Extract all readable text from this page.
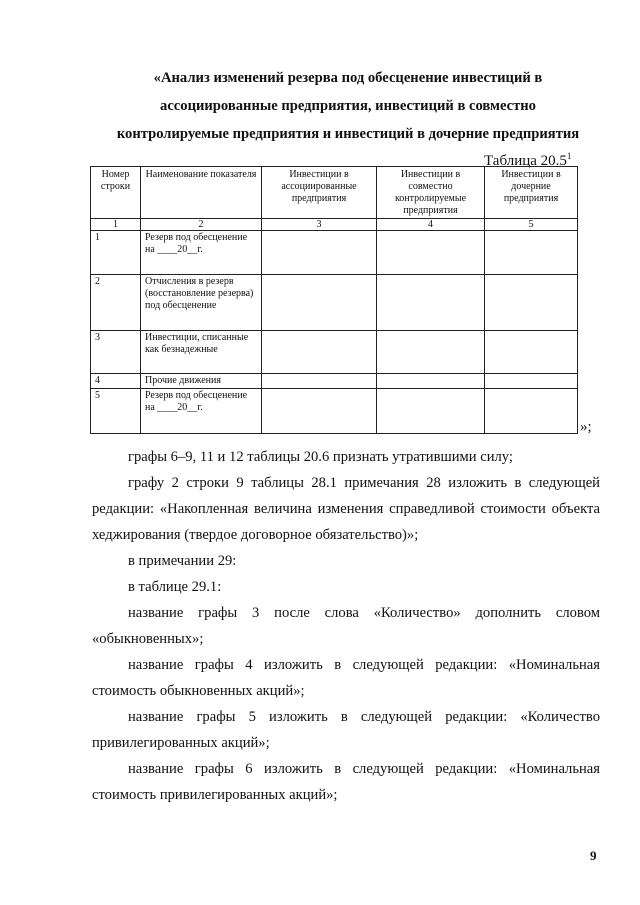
«Анализ изменений резерва под обесценение инвестиций в
ассоциированные предприятия, инвестиций в совместно
контролируемые предприятия и инвестиций в дочерние предприятия
Таблица 20.5$^1$
Номер строки	Наименование показателя	Инвестиции в ассоциированные предприятия	Инвестиции в совместно контролируемые предприятия	Инвестиции в дочерние предприятия
1	2	3	4	5
1	Резерв под обесценение на ____20__г.			
2	Отчисления в резерв (восстановление резерва) под обесценение			
3	Инвестиции, списанные как безнадежные			
4	Прочие движения			
5	Резерв под обесценение на ____20__г.			
»;

графы 6–9, 11 и 12 таблицы 20.6 признать утратившими силу;

графу 2 строки 9 таблицы 28.1 примечания 28 изложить в следующей редакции: «Накопленная величина изменения справедливой стоимости объекта хеджирования (твердое договорное обязательство)»;

в примечании 29:

в таблице 29.1:

название графы 3 после слова «Количество» дополнить словом «обыкновенных»;

название графы 4 изложить в следующей редакции: «Номинальная стоимость обыкновенных акций»;

название графы 5 изложить в следующей редакции: «Количество привилегированных акций»;

название графы 6 изложить в следующей редакции: «Номинальная стоимость привилегированных акций»;

9
